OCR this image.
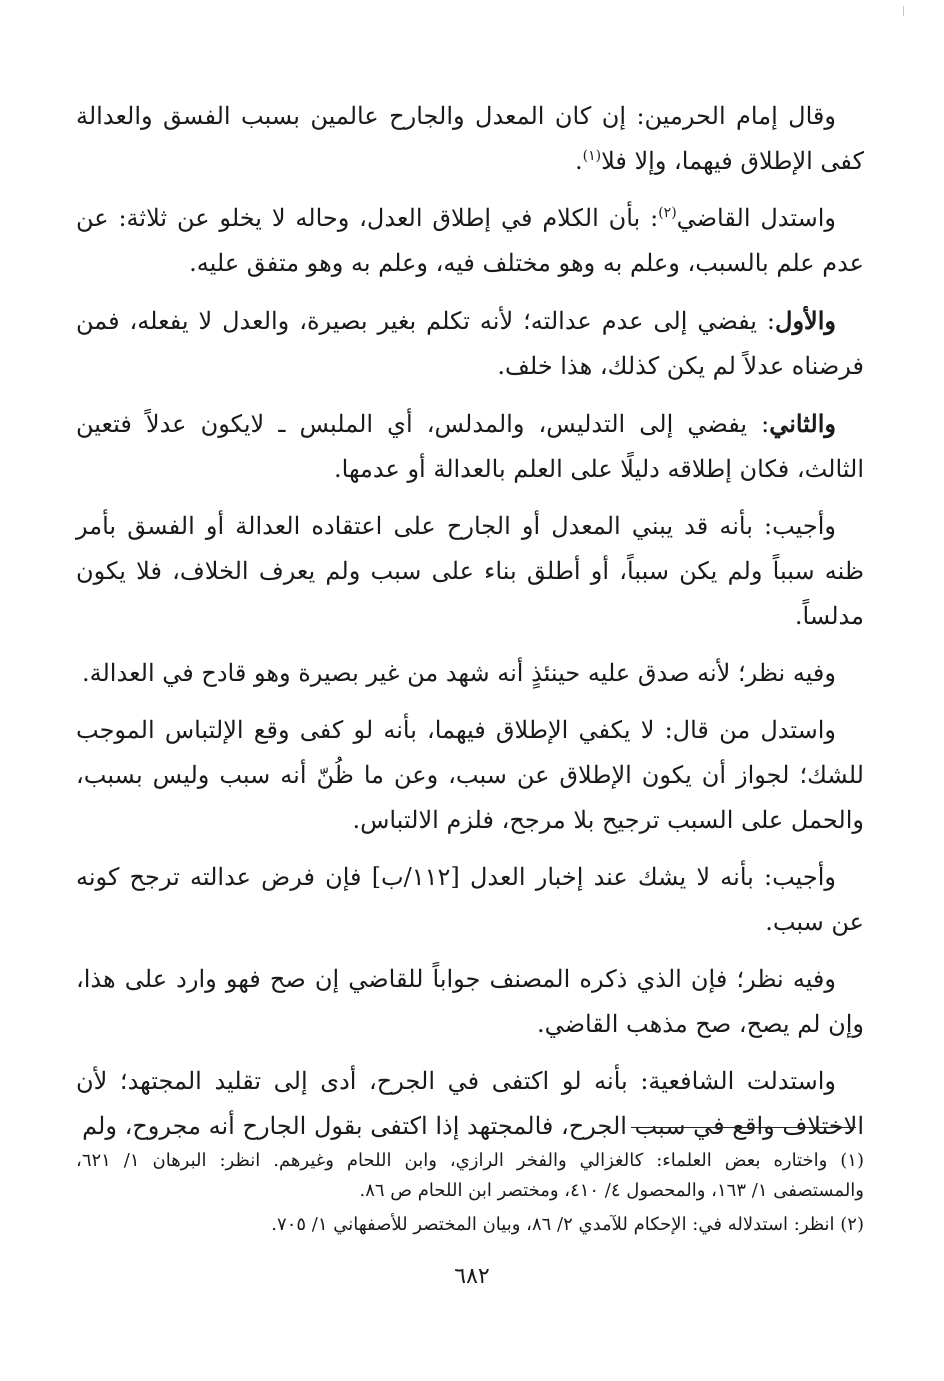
وقال إمام الحرمين: إن كان المعدل والجارح عالمين بسبب الفسق والعدالة كفى الإطلاق فيهما، وإلا فلا$^{(١)}$.

واستدل القاضي$^{(٢)}$: بأن الكلام في إطلاق العدل، وحاله لا يخلو عن ثلاثة: عن عدم علم بالسبب، وعلم به وهو مختلف فيه، وعلم به وهو متفق عليه.

والأول: يفضي إلى عدم عدالته؛ لأنه تكلم بغير بصيرة، والعدل لا يفعله، فمن فرضناه عدلاً لم يكن كذلك، هذا خلف.

والثاني: يفضي إلى التدليس، والمدلس، أي الملبس ـ لايكون عدلاً فتعين الثالث، فكان إطلاقه دليلًا على العلم بالعدالة أو عدمها.

وأجيب: بأنه قد يبني المعدل أو الجارح على اعتقاده العدالة أو الفسق بأمر ظنه سبباً ولم يكن سبباً، أو أطلق بناء على سبب ولم يعرف الخلاف، فلا يكون مدلساً.

وفيه نظر؛ لأنه صدق عليه حينئذٍ أنه شهد من غير بصيرة وهو قادح في العدالة.

واستدل من قال: لا يكفي الإطلاق فيهما، بأنه لو كفى وقع الإلتباس الموجب للشك؛ لجواز أن يكون الإطلاق عن سبب، وعن ما ظُنّ أنه سبب وليس بسبب، والحمل على السبب ترجيح بلا مرجح، فلزم الالتباس.

وأجيب: بأنه لا يشك عند إخبار العدل [١١٢/ب] فإن فرض عدالته ترجح كونه عن سبب.

وفيه نظر؛ فإن الذي ذكره المصنف جواباً للقاضي إن صح فهو وارد على هذا، وإن لم يصح، صح مذهب القاضي.

واستدلت الشافعية: بأنه لو اكتفى في الجرح، أدى إلى تقليد المجتهد؛ لأن الاختلاف واقع في سبب الجرح، فالمجتهد إذا اكتفى بقول الجارح أنه مجروح، ولم

(١) واختاره بعض العلماء: كالغزالي والفخر الرازي، وابن اللحام وغيرهم. انظر: البرهان ١/ ٦٢١، والمستصفى ١/ ١٦٣، والمحصول ٤/ ٤١٠، ومختصر ابن اللحام ص ٨٦.

(٢) انظر: استدلاله في: الإحكام للآمدي ٢/ ٨٦، وبيان المختصر للأصفهاني ١/ ٧٠٥.

٦٨٢
